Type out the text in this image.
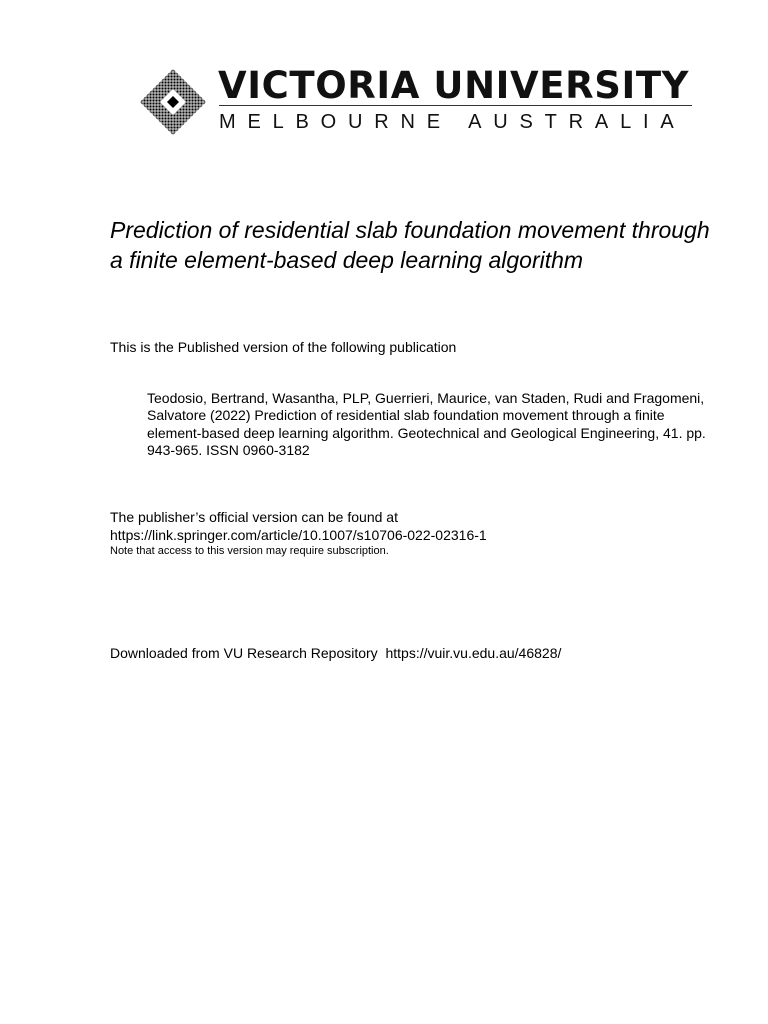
VICTORIA UNIVERSITY
MELBOURNE AUSTRALIA
Prediction of residential slab foundation movement through a finite element-based deep learning algorithm
This is the Published version of the following publication
Teodosio, Bertrand, Wasantha, PLP, Guerrieri, Maurice, van Staden, Rudi and Fragomeni, Salvatore (2022) Prediction of residential slab foundation movement through a finite element-based deep learning algorithm. Geotechnical and Geological Engineering, 41. pp. 943-965. ISSN 0960-3182
The publisher’s official version can be found at
https://link.springer.com/article/10.1007/s10706-022-02316-1
Note that access to this version may require subscription.
Downloaded from VU Research Repository https://vuir.vu.edu.au/46828/
